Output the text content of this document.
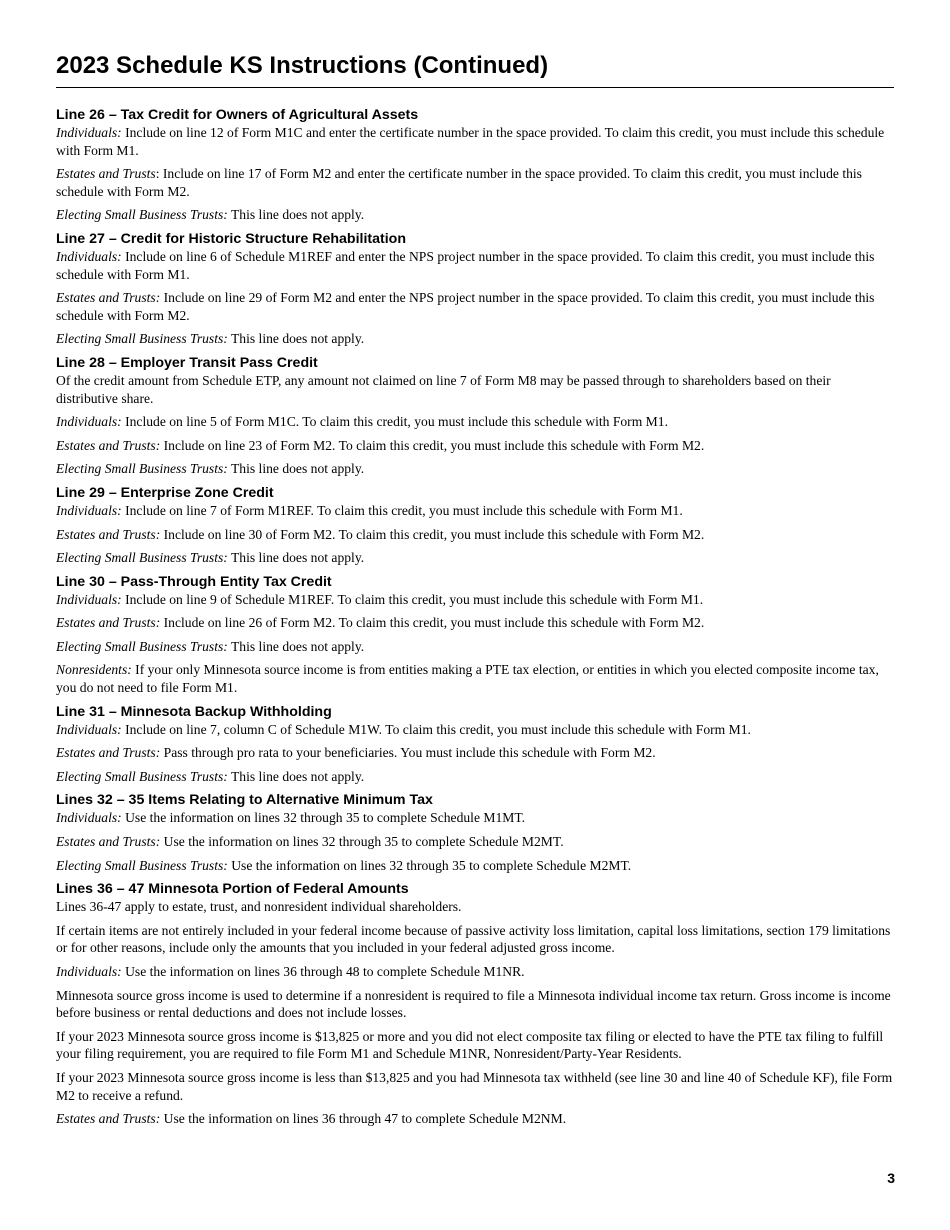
2023 Schedule KS Instructions (Continued)
Line 26 – Tax Credit for Owners of Agricultural Assets

Individuals: Include on line 12 of Form M1C and enter the certificate number in the space provided. To claim this credit, you must include this schedule with Form M1.

Estates and Trusts: Include on line 17 of Form M2 and enter the certificate number in the space provided. To claim this credit, you must include this schedule with Form M2.

Electing Small Business Trusts: This line does not apply.

Line 27 – Credit for Historic Structure Rehabilitation

Individuals: Include on line 6 of Schedule M1REF and enter the NPS project number in the space provided. To claim this credit, you must include this schedule with Form M1.

Estates and Trusts: Include on line 29 of Form M2 and enter the NPS project number in the space provided. To claim this credit, you must include this schedule with Form M2.

Electing Small Business Trusts: This line does not apply.

Line 28 – Employer Transit Pass Credit

Of the credit amount from Schedule ETP, any amount not claimed on line 7 of Form M8 may be passed through to shareholders based on their distributive share.

Individuals: Include on line 5 of Form M1C. To claim this credit, you must include this schedule with Form M1.

Estates and Trusts: Include on line 23 of Form M2. To claim this credit, you must include this schedule with Form M2.

Electing Small Business Trusts: This line does not apply.

Line 29 – Enterprise Zone Credit

Individuals: Include on line 7 of Form M1REF. To claim this credit, you must include this schedule with Form M1.

Estates and Trusts: Include on line 30 of Form M2. To claim this credit, you must include this schedule with Form M2.

Electing Small Business Trusts: This line does not apply.

Line 30 – Pass-Through Entity Tax Credit

Individuals: Include on line 9 of Schedule M1REF. To claim this credit, you must include this schedule with Form M1.

Estates and Trusts: Include on line 26 of Form M2. To claim this credit, you must include this schedule with Form M2.

Electing Small Business Trusts: This line does not apply.

Nonresidents: If your only Minnesota source income is from entities making a PTE tax election, or entities in which you elected composite income tax, you do not need to file Form M1.

Line 31 – Minnesota Backup Withholding

Individuals: Include on line 7, column C of Schedule M1W. To claim this credit, you must include this schedule with Form M1.

Estates and Trusts: Pass through pro rata to your beneficiaries. You must include this schedule with Form M2.

Electing Small Business Trusts: This line does not apply.

Lines 32 – 35 Items Relating to Alternative Minimum Tax

Individuals: Use the information on lines 32 through 35 to complete Schedule M1MT.

Estates and Trusts: Use the information on lines 32 through 35 to complete Schedule M2MT.

Electing Small Business Trusts: Use the information on lines 32 through 35 to complete Schedule M2MT.

Lines 36 – 47 Minnesota Portion of Federal Amounts

Lines 36-47 apply to estate, trust, and nonresident individual shareholders.

If certain items are not entirely included in your federal income because of passive activity loss limitation, capital loss limitations, section 179 limitations or for other reasons, include only the amounts that you included in your federal adjusted gross income.

Individuals: Use the information on lines 36 through 48 to complete Schedule M1NR.

Minnesota source gross income is used to determine if a nonresident is required to file a Minnesota individual income tax return. Gross income is income before business or rental deductions and does not include losses.

If your 2023 Minnesota source gross income is $13,825 or more and you did not elect composite tax filing or elected to have the PTE tax filing to fulfill your filing requirement, you are required to file Form M1 and Schedule M1NR, Nonresident/Party-Year Residents.

If your 2023 Minnesota source gross income is less than $13,825 and you had Minnesota tax withheld (see line 30 and line 40 of Schedule KF), file Form M2 to receive a refund.

Estates and Trusts: Use the information on lines 36 through 47 to complete Schedule M2NM.

3
